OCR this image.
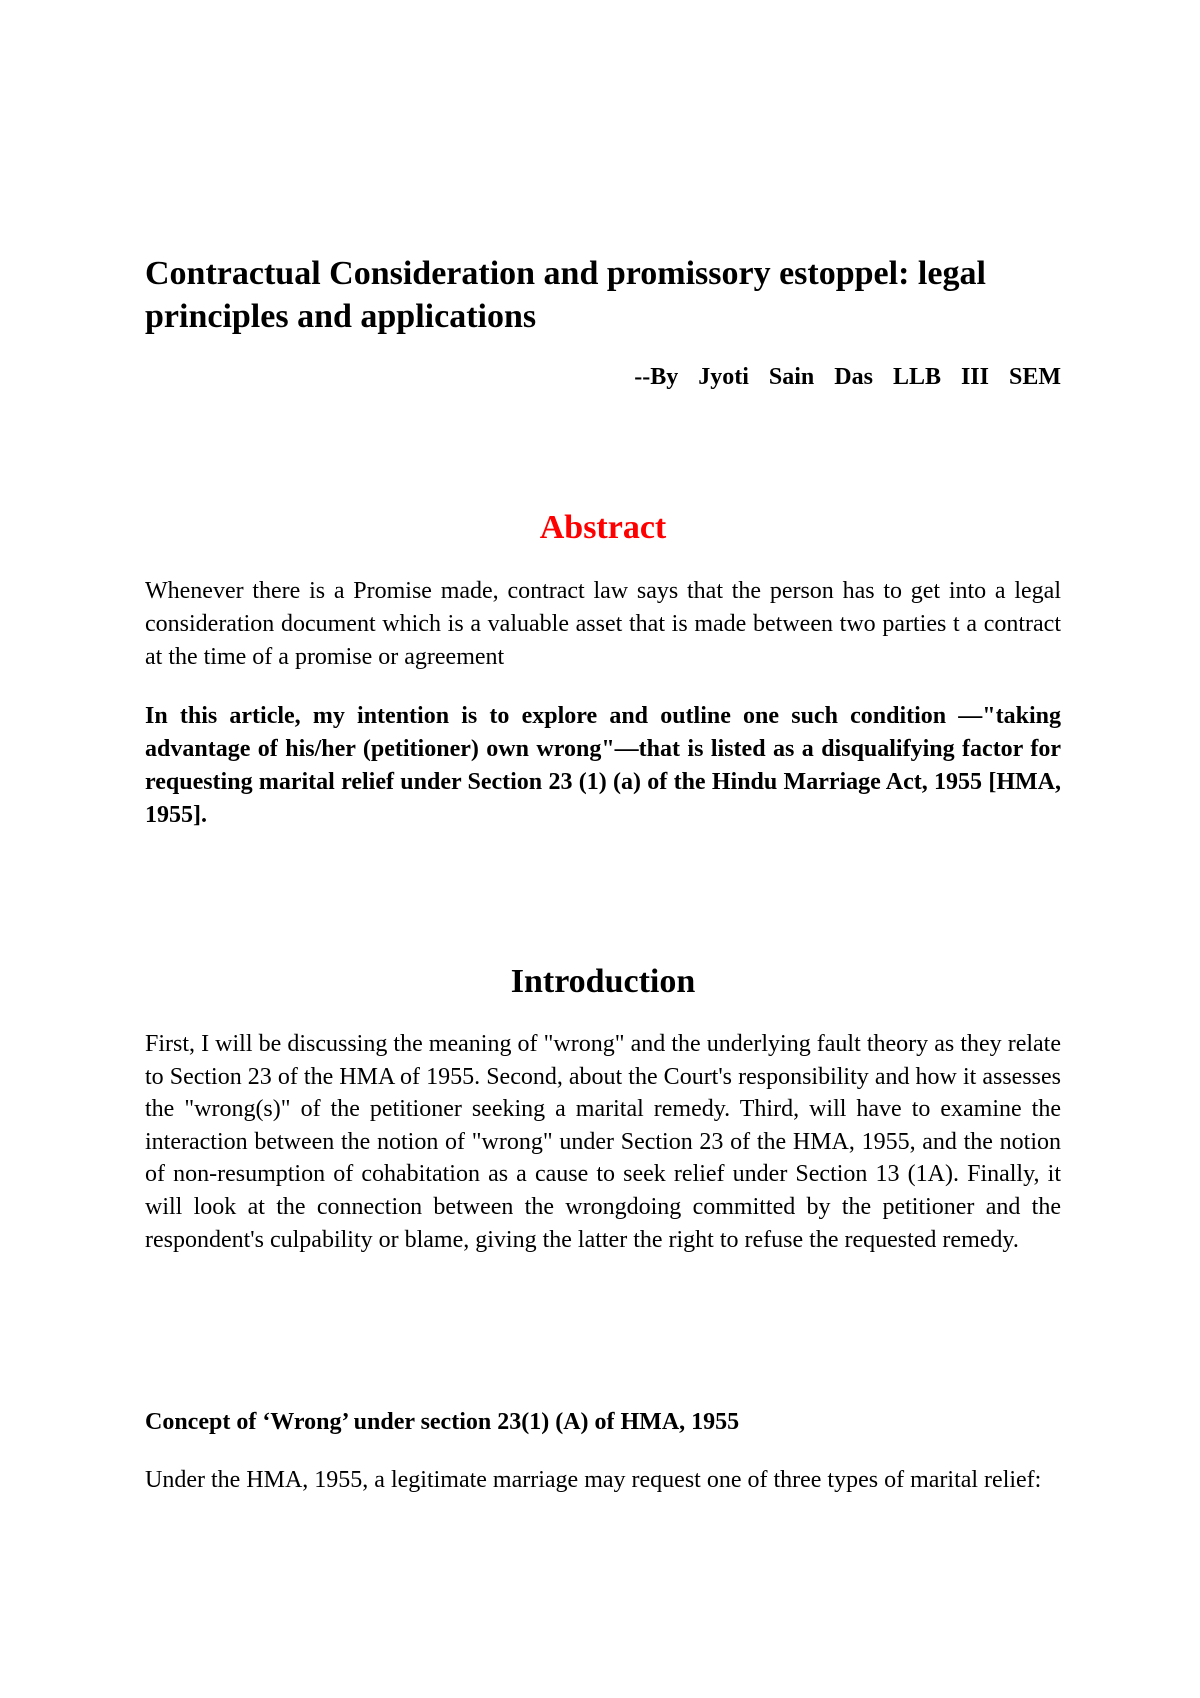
Contractual Consideration and promissory estoppel: legal principles and applications

--By Jyoti Sain Das LLB III SEM

Abstract

Whenever there is a Promise made, contract law says that the person has to get into a legal consideration document which is a valuable asset that is made between two parties t a contract at the time of a promise or agreement

In this article, my intention is to explore and outline one such condition —"taking advantage of his/her (petitioner) own wrong"—that is listed as a disqualifying factor for requesting marital relief under Section 23 (1) (a) of the Hindu Marriage Act, 1955 [HMA, 1955].

Introduction

First, I will be discussing the meaning of "wrong" and the underlying fault theory as they relate to Section 23 of the HMA of 1955. Second, about the Court's responsibility and how it assesses the "wrong(s)" of the petitioner seeking a marital remedy. Third, will have to examine the interaction between the notion of "wrong" under Section 23 of the HMA, 1955, and the notion of non-resumption of cohabitation as a cause to seek relief under Section 13 (1A). Finally, it will look at the connection between the wrongdoing committed by the petitioner and the respondent's culpability or blame, giving the latter the right to refuse the requested remedy.

Concept of ‘Wrong’ under section 23(1) (A) of HMA, 1955

Under the HMA, 1955, a legitimate marriage may request one of three types of marital relief:
